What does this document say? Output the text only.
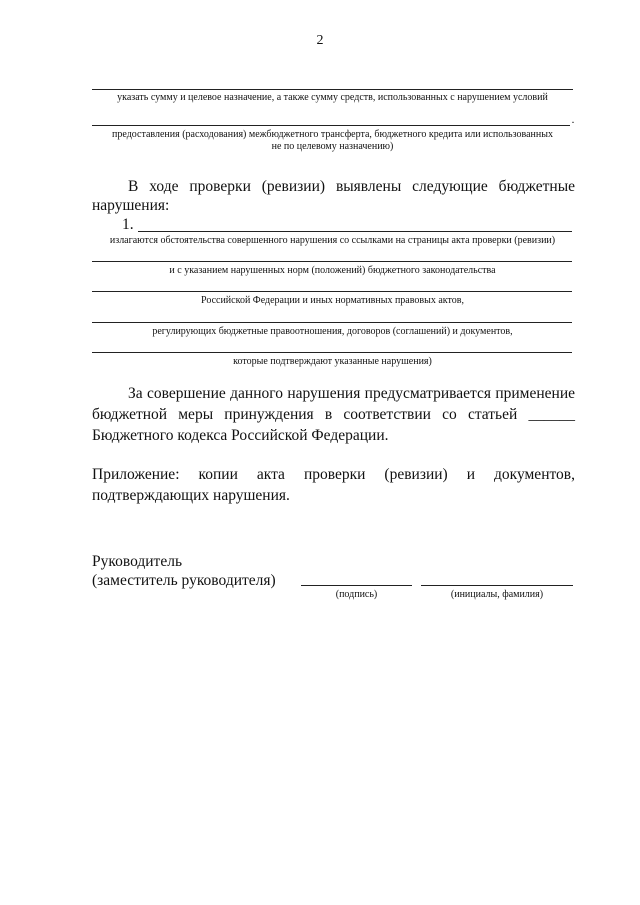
2
указать сумму и целевое назначение, а также сумму средств, использованных с нарушением условий
.
предоставления (расходования) межбюджетного трансферта, бюджетного кредита или использованных
не по целевому назначению)
В ходе проверки (ревизии) выявлены следующие бюджетные
нарушения:
1.
излагаются обстоятельства совершенного нарушения со ссылками на страницы акта проверки (ревизии)
и с указанием нарушенных норм (положений) бюджетного законодательства
Российской Федерации и иных нормативных правовых актов,
регулирующих бюджетные правоотношения, договоров (соглашений) и документов,
которые подтверждают указанные нарушения)
За совершение данного нарушения предусматривается применение
бюджетной меры принуждения в соответствии со статьей ______
Бюджетного кодекса Российской Федерации.
Приложение: копии акта проверки (ревизии) и документов,
подтверждающих нарушения.
Руководитель
(заместитель руководителя)
(подпись)	(инициалы, фамилия)
